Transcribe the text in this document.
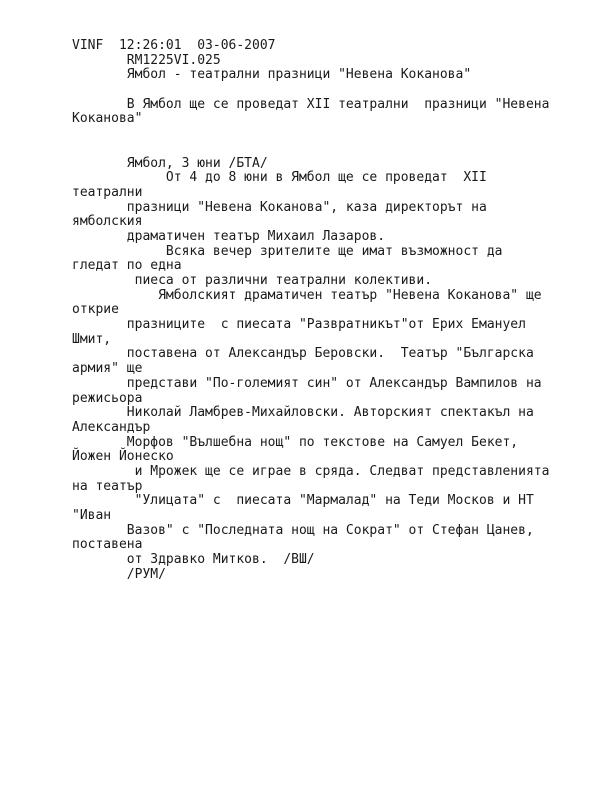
VINF  12:26:01  03-06-2007
RM1225VI.025
Ямбол - театрални празници "Невена Коканова"
В Ямбол ще се проведат XII театрални  празници "Невена
Коканова"
Ямбол, 3 юни /БТА/
От 4 до 8 юни в Ямбол ще се проведат  XII
театрални
празници "Невена Коканова", каза директорът на
ямболския
драматичен театър Михаил Лазаров.
Всяка вечер зрителите ще имат възможност да
гледат по една
пиеса от различни театрални колективи.
Ямболският драматичен театър "Невена Коканова" ще
открие
празниците  с пиесата "Развратникът"от Ерих Емануел
Шмит,
поставена от Александър Беровски.  Театър "Българска
армия" ще
представи "По-големият син" от Александър Вампилов на
режисьора
Николай Ламбрев-Михайловски. Авторският спектакъл на
Александър
Морфов "Вълшебна нощ" по текстове на Самуел Бекет,
Йожен Йонеско
и Мрожек ще се играе в сряда. Следват представленията
на театър
"Улицата" с  пиесата "Мармалад" на Теди Москов и НТ
"Иван
Вазов" с "Последната нощ на Сократ" от Стефан Цанев,
поставена
от Здравко Митков.  /ВШ/
/РУМ/
